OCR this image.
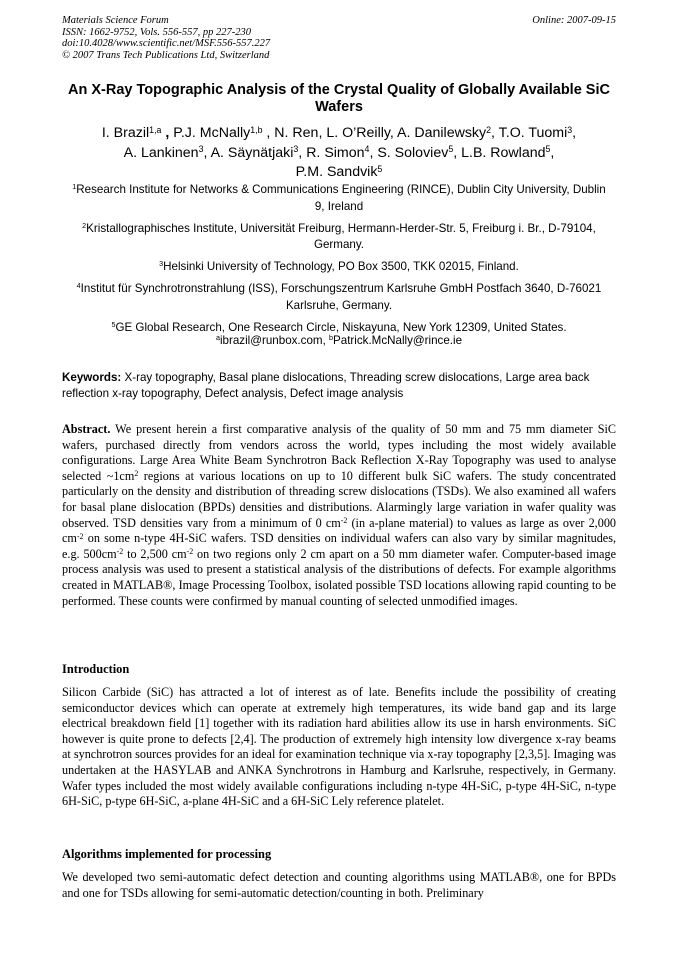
Materials Science Forum
ISSN: 1662-9752, Vols. 556-557, pp 227-230
doi:10.4028/www.scientific.net/MSF.556-557.227
© 2007 Trans Tech Publications Ltd, Switzerland
Online: 2007-09-15
An X-Ray Topographic Analysis of the Crystal Quality of Globally Available SiC Wafers
I. Brazil$^{1,a}$ , P.J. McNally$^{1,b}$ , N. Ren, L. O’Reilly, A. Danilewsky$^2$, T.O. Tuomi$^3$,
A. Lankinen$^3$, A. Säynätjaki$^3$, R. Simon$^4$, S. Soloviev$^5$, L.B. Rowland$^5$,
P.M. Sandvik$^5$
$^1$Research Institute for Networks & Communications Engineering (RINCE), Dublin City University, Dublin 9, Ireland
$^2$Kristallographisches Institute, Universität Freiburg, Hermann-Herder-Str. 5, Freiburg i. Br., D-79104, Germany.
$^3$Helsinki University of Technology, PO Box 3500, TKK 02015, Finland.
$^4$Institut für Synchrotronstrahlung (ISS), Forschungszentrum Karlsruhe GmbH Postfach 3640, D-76021 Karlsruhe, Germany.
$^5$GE Global Research, One Research Circle, Niskayuna, New York 12309, United States.
$^a$ibrazil@runbox.com, $^b$Patrick.McNally@rince.ie
Keywords: X-ray topography, Basal plane dislocations, Threading screw dislocations, Large area back reflection x-ray topography, Defect analysis, Defect image analysis
Abstract. We present herein a first comparative analysis of the quality of 50 mm and 75 mm diameter SiC wafers, purchased directly from vendors across the world, types including the most widely available configurations. Large Area White Beam Synchrotron Back Reflection X-Ray Topography was used to analyse selected $\sim 1cm^2$ regions at various locations on up to 10 different bulk SiC wafers. The study concentrated particularly on the density and distribution of threading screw dislocations (TSDs). We also examined all wafers for basal plane dislocation (BPDs) densities and distributions. Alarmingly large variation in wafer quality was observed. TSD densities vary from a minimum of 0 $cm^{-2}$ (in a-plane material) to values as large as over 2,000 $cm^{-2}$ on some n-type 4H-SiC wafers. TSD densities on individual wafers can also vary by similar magnitudes, e.g. $500cm^{-2}$ to 2,500 $cm^{-2}$ on two regions only 2 cm apart on a 50 mm diameter wafer. Computer-based image process analysis was used to present a statistical analysis of the distributions of defects. For example algorithms created in MATLAB®, Image Processing Toolbox, isolated possible TSD locations allowing rapid counting to be performed. These counts were confirmed by manual counting of selected unmodified images.
Introduction
Silicon Carbide (SiC) has attracted a lot of interest as of late. Benefits include the possibility of creating semiconductor devices which can operate at extremely high temperatures, its wide band gap and its large electrical breakdown field [1] together with its radiation hard abilities allow its use in harsh environments. SiC however is quite prone to defects [2,4]. The production of extremely high intensity low divergence x-ray beams at synchrotron sources provides for an ideal for examination technique via x-ray topography [2,3,5]. Imaging was undertaken at the HASYLAB and ANKA Synchrotrons in Hamburg and Karlsruhe, respectively, in Germany. Wafer types included the most widely available configurations including n-type 4H-SiC, p-type 4H-SiC, n-type 6H-SiC, p-type 6H-SiC, a-plane 4H-SiC and a 6H-SiC Lely reference platelet.
Algorithms implemented for processing
We developed two semi-automatic defect detection and counting algorithms using MATLAB®, one for BPDs and one for TSDs allowing for semi-automatic detection/counting in both. Preliminary
